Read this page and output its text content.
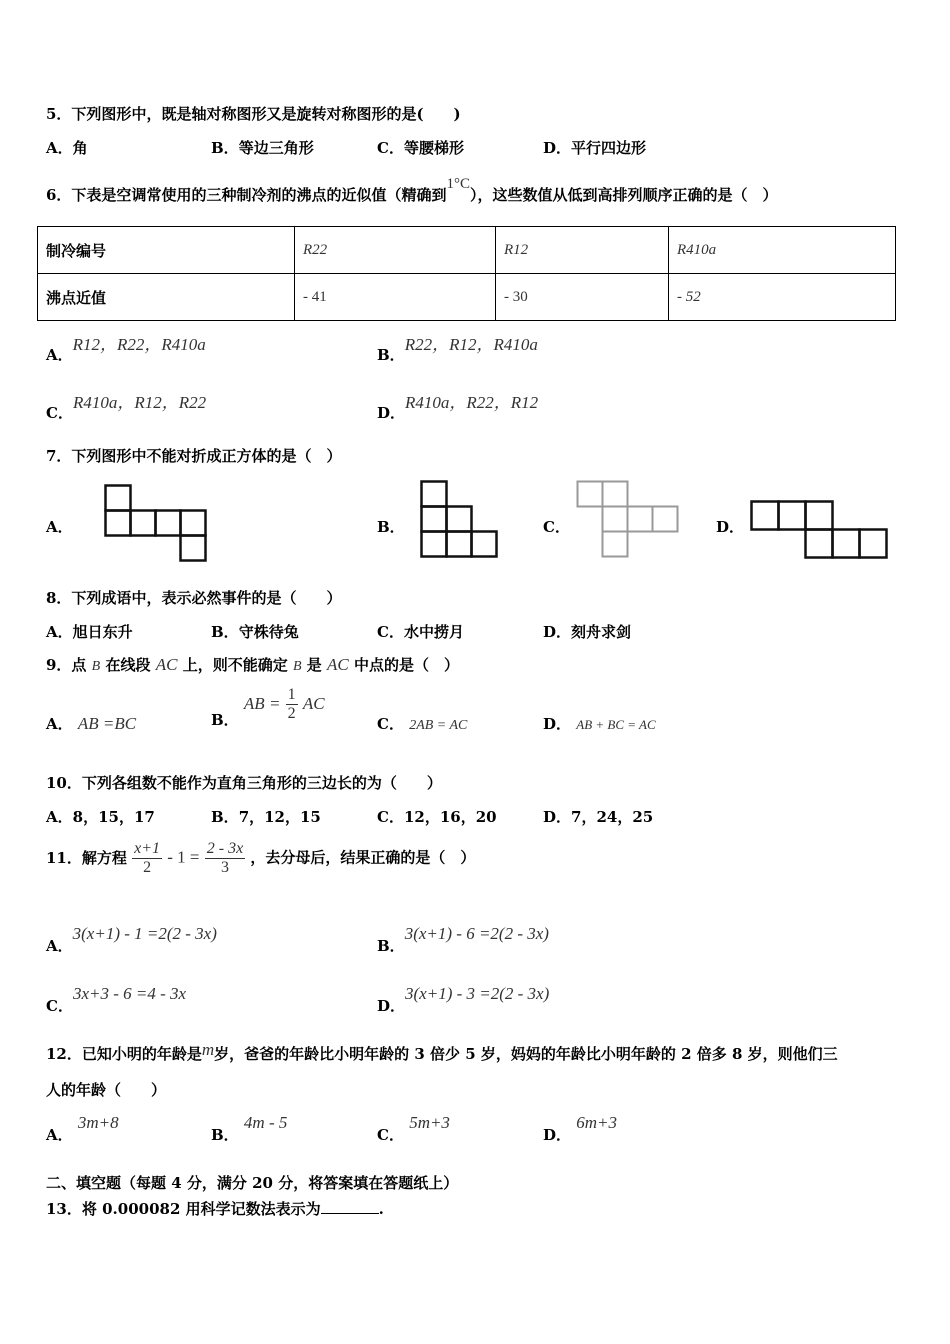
5．下列图形中，既是轴对称图形又是旋转对称图形的是(　　)
A．角	B．等边三角形	C．等腰梯形	D．平行四边形
6．下表是空调常使用的三种制冷剂的沸点的近似值（精确到1°C），这些数值从低到高排列顺序正确的是（　）
制冷编号	R22	R12	R410a
沸点近值	- 41	- 30	- 52
A．R12，R22，R410a
B．R22，R12，R410a
C．R410a，R12，R22
D．R410a，R22，R12
7．下列图形中不能对折成正方体的是（　）
A．	B．	C．	D．
8．下列成语中，表示必然事件的是（　　）
A．旭日东升	B．守株待兔	C．水中捞月	D．刻舟求剑
9．点 B 在线段 AC 上，则不能确定 B 是 AC 中点的是（　）
A． AB =BC	B． AB = $\frac{1}{2}$ AC
C． 2AB = AC	D． AB + BC = AC
10．下列各组数不能作为直角三角形的三边长的为（　　）
A．8，15，17	B．7，12，15	C．12，16，20	D．7，24，25
11．解方程 $\frac{x+1}{2} - 1 = \frac{2 - 3x}{3}$ ，去分母后，结果正确的是（　）
A．3(x+1) - 1 =2(2 - 3x)
B．3(x+1) - 6 =2(2 - 3x)
C．3x+3 - 6 =4 - 3x
D．3(x+1) - 3 =2(2 - 3x)
12．已知小明的年龄是m岁，爸爸的年龄比小明年龄的 3 倍少 5 岁，妈妈的年龄比小明年龄的 2 倍多 8 岁，则他们三
人的年龄（　　）
A． 3m+8
B． 4m - 5
C． 5m+3
D． 6m+3
二、填空题（每题 4 分，满分 20 分，将答案填在答题纸上）
13．将 0.000082 用科学记数法表示为	.
